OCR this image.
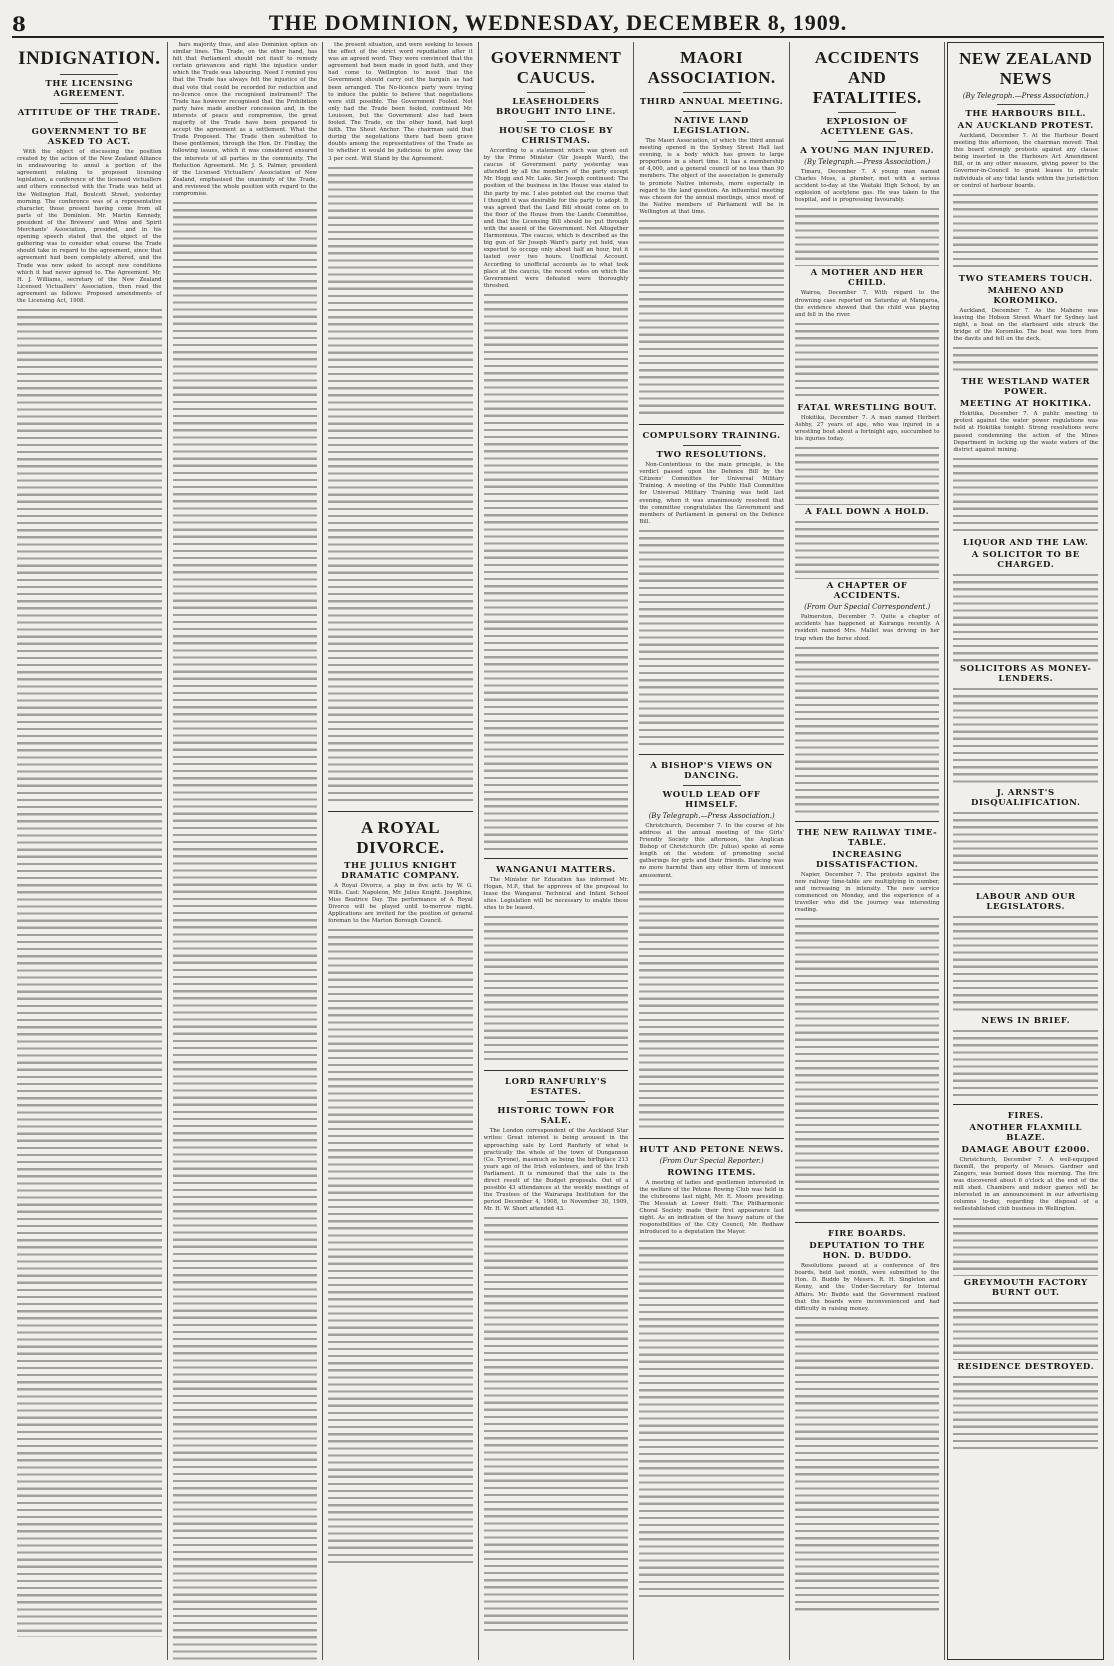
8	THE DOMINION, WEDNESDAY, DECEMBER 8, 1909.
INDIGNATION.
THE LICENSING AGREEMENT.
ATTITUDE OF THE TRADE.
GOVERNMENT TO BE ASKED TO ACT.

With the object of discussing the position created by the action of the New Zealand Alliance in endeavouring to annul a portion of the agreement relating to proposed licensing legislation, a conference of the licensed victuallers and others connected with the Trade was held at the Wellington Hall, Boulcott Street, yesterday morning. The conference was of a representative character, those present having come from all parts of the Dominion. Mr. Martin Kennedy, president of the Brewers' and Wine and Spirit Merchants' Association, presided, and in his opening speech stated that the object of the gathering was to consider what course the Trade should take in regard to the agreement, since that agreement had been completely altered, and the Trade was now asked to accept new conditions which it had never agreed to. The Agreement. Mr. H. J. Williams, secretary of the New Zealand Licensed Victuallers' Association, then read the agreement as follows: Proposed amendments of the Licensing Act, 1908.

bars majority thus, and also Dominion option on similar lines. The Trade, on the other hand, has felt that Parliament should not itself to remedy certain grievances and right the injustice under which the Trade was labouring. Need I remind you that the Trade has always felt the injustice of the dual vote that could be recorded for reduction and no-licence once the recognised instrument? The Trade has however recognised that the Prohibition party have made another concession and, in the interests of peace and compromise, the great majority of the Trade have been prepared to accept the agreement as a settlement. What the Trade Proposed. The Trade then submitted to these gentlemen, through the Hon. Dr. Findlay, the following issues, which it was considered ensured the interests of all parties in the community. The Reduction Agreement. Mr. J. S. Palmer, president of the Licensed Victuallers' Association of New Zealand, emphasised the unanimity of the Trade, and reviewed the whole position with regard to the compromise.

the present situation, and were seeking to lessen the effect of the strict word repudiation after it was an agreed word. They were convinced that the agreement had been made in good faith, and they had come to Wellington to insist that the Government should carry out the bargain as had been arranged. The No-licence party were trying to induce the public to believe that negotiations were still possible. The Government Fooled. Not only had the Trade been fooled, continued Mr. Louisson, but the Government also had been fooled. The Trade, on the other hand, had kept faith. The Shout Anchor. The chairman said that during the negotiations there had been grave doubts among the representatives of the Trade as to whether it would be judicious to give away the 3 per cent. Will Stand by the Agreement.

A ROYAL DIVORCE.
THE JULIUS KNIGHT DRAMATIC COMPANY.

A Royal Divorce, a play in five acts by W. G. Wills. Cast: Napoleon, Mr. Julius Knight. Josephine, Miss Beatrice Day. The performance of A Royal Divorce will be played until to-morrow night. Applications are invited for the position of general foreman to the Marton Borough Council.

GOVERNMENT CAUCUS.
LEASEHOLDERS BROUGHT INTO LINE.
HOUSE TO CLOSE BY CHRISTMAS.

According to a statement which was given out by the Prime Minister (Sir Joseph Ward), the caucus of Government party yesterday was attended by all the members of the party except Mr. Hogg and Mr. Lake. Sir Joseph continued: The position of the business in the House was stated to the party by me. I also pointed out the course that I thought it was desirable for the party to adopt. It was agreed that the Land Bill should come on to the floor of the House from the Lands Committee, and that the Licensing Bill should be put through with the assent of the Government. Not Altogether Harmonious. The caucus, which is described as the big gun of Sir Joseph Ward's party yet held, was expected to occupy only about half an hour, but it lasted over two hours. Unofficial Account. According to unofficial accounts as to what took place at the caucus, the recent votes on which the Government were defeated were thoroughly threshed.

WANGANUI MATTERS.

The Minister for Education has informed Mr. Hogan, M.P., that he approves of the proposal to lease the Wanganui Technical and Infant School sites. Legislation will be necessary to enable these sites to be leased.

LORD RANFURLY'S ESTATES.
HISTORIC TOWN FOR SALE.

The London correspondent of the Auckland Star writes: Great interest is being aroused in the approaching sale by Lord Ranfurly of what is practically the whole of the town of Dungannon (Co. Tyrone), inasmuch as being the birthplace 213 years ago of the Irish volunteers, and of the Irish Parliament. It is rumoured that the sale is the direct result of the Budget proposals. Out of a possible 43 attendances at the weekly meetings of the Trustees of the Wairarapa Institution for the period December 4, 1908, to November 30, 1909, Mr. H. W. Short attended 43.

MAORI ASSOCIATION.
THIRD ANNUAL MEETING.
NATIVE LAND LEGISLATION.

The Maori Association, of which the third annual meeting opened in the Sydney Street Hall last evening, is a body which has grown to large proportions in a short time. It has a membership of 4,000, and a general council of no less than 90 members. The object of the association is generally to promote Native interests, more especially in regard to the land question. An influential meeting was chosen for the annual meetings, since most of the Native members of Parliament will be in Wellington at that time.

COMPULSORY TRAINING.
TWO RESOLUTIONS.

Non-Contentious in the main principle, is the verdict passed upon the Defence Bill by the Citizens' Committee for Universal Military Training. A meeting of the Public Hall Committee for Universal Military Training was held last evening, when it was unanimously resolved that the committee congratulates the Government and members of Parliament in general on the Defence Bill.

A BISHOP'S VIEWS ON DANCING.
WOULD LEAD OFF HIMSELF.
(By Telegraph.—Press Association.)

Christchurch, December 7. In the course of his address at the annual meeting of the Girls' Friendly Society this afternoon, the Anglican Bishop of Christchurch (Dr. Julius) spoke at some length on the wisdom of promoting social gatherings for girls and their friends. Dancing was no more harmful than any other form of innocent amusement.

HUTT AND PETONE NEWS.
(From Our Special Reporter.)
ROWING ITEMS.

A meeting of ladies and gentlemen interested in the welfare of the Petone Rowing Club was held in the clubrooms last night, Mr. E. Moore presiding. The Messiah at Lower Hutt: The Philharmonic Choral Society made their first appearance last night. As an indication of the heavy nature of the responsibilities of the City Council, Mr. Redhaw introduced to a deputation the Mayor.

ACCIDENTS AND FATALITIES.
EXPLOSION OF ACETYLENE GAS.
A YOUNG MAN INJURED.
(By Telegraph.—Press Association.)

Timaru, December 7. A young man named Charles Moss, a plumber, met with a serious accident to-day at the Waitaki High School, by an explosion of acetylene gas. He was taken to the hospital, and is progressing favourably.

A MOTHER AND HER CHILD.

Wairoa, December 7. With regard to the drowning case reported on Saturday at Mangaroa, the evidence showed that the child was playing and fell in the river.

FATAL WRESTLING BOUT.

Hokitika, December 7. A man named Herbert Ashby, 27 years of age, who was injured in a wrestling bout about a fortnight ago, succumbed to his injuries today.

A FALL DOWN A HOLD.
A CHAPTER OF ACCIDENTS.
(From Our Special Correspondent.)

Palmerston, December 7. Quite a chapter of accidents has happened at Kairanga recently. A resident named Mrs. Mallet was driving in her trap when the horse shied.

THE NEW RAILWAY TIME-TABLE.
INCREASING DISSATISFACTION.

Napier, December 7. The protests against the new railway time-table are multiplying in number, and increasing in intensity. The new service commenced on Monday, and the experience of a traveller who did the journey was interesting reading.

FIRE BOARDS.
DEPUTATION TO THE HON. D. BUDDO.

Resolutions passed at a conference of fire boards, held last month, were submitted to the Hon. D. Buddo by Messrs. R. H. Singleton and Kenny, and the Under-Secretary for Internal Affairs. Mr. Buddo said the Government realised that the boards were inconvenienced and had difficulty in raising money.

NEW ZEALAND NEWS
(By Telegraph.—Press Association.)
THE HARBOURS BILL.
AN AUCKLAND PROTEST.

Auckland, December 7. At the Harbour Board meeting this afternoon, the chairman moved: That this board strongly protests against any clause being inserted in the Harbours Act Amendment Bill, or in any other measure, giving power to the Governor-in-Council to grant leases to private individuals of any tidal lands within the jurisdiction or control of harbour boards.

TWO STEAMERS TOUCH.
MAHENO AND KOROMIKO.

Auckland, December 7. As the Maheno was leaving the Hobson Street Wharf for Sydney last night, a boat on the starboard side struck the bridge of the Koromiko. The boat was torn from the davits and fell on the deck.

THE WESTLAND WATER POWER.
MEETING AT HOKITIKA.

Hokitika, December 7. A public meeting to protest against the water power regulations was held at Hokitika tonight. Strong resolutions were passed condemning the action of the Mines Department in locking up the waste waters of the district against mining.

LIQUOR AND THE LAW.
A SOLICITOR TO BE CHARGED.
SOLICITORS AS MONEY-LENDERS.
J. ARNST'S DISQUALIFICATION.
LABOUR AND OUR LEGISLATORS.
NEWS IN BRIEF.
FIRES.
ANOTHER FLAXMILL BLAZE.
DAMAGE ABOUT £2000.

Christchurch, December 7. A well-equipped flaxmill, the property of Messrs. Gardner and Zangers, was burned down this morning. The fire was discovered about 6 o'clock at the end of the mill shed. Chambers and indoor games will be interested in an announcement in our advertising columns to-day, regarding the disposal of a wellestablished club business in Wellington.

GREYMOUTH FACTORY BURNT OUT.
RESIDENCE DESTROYED.
